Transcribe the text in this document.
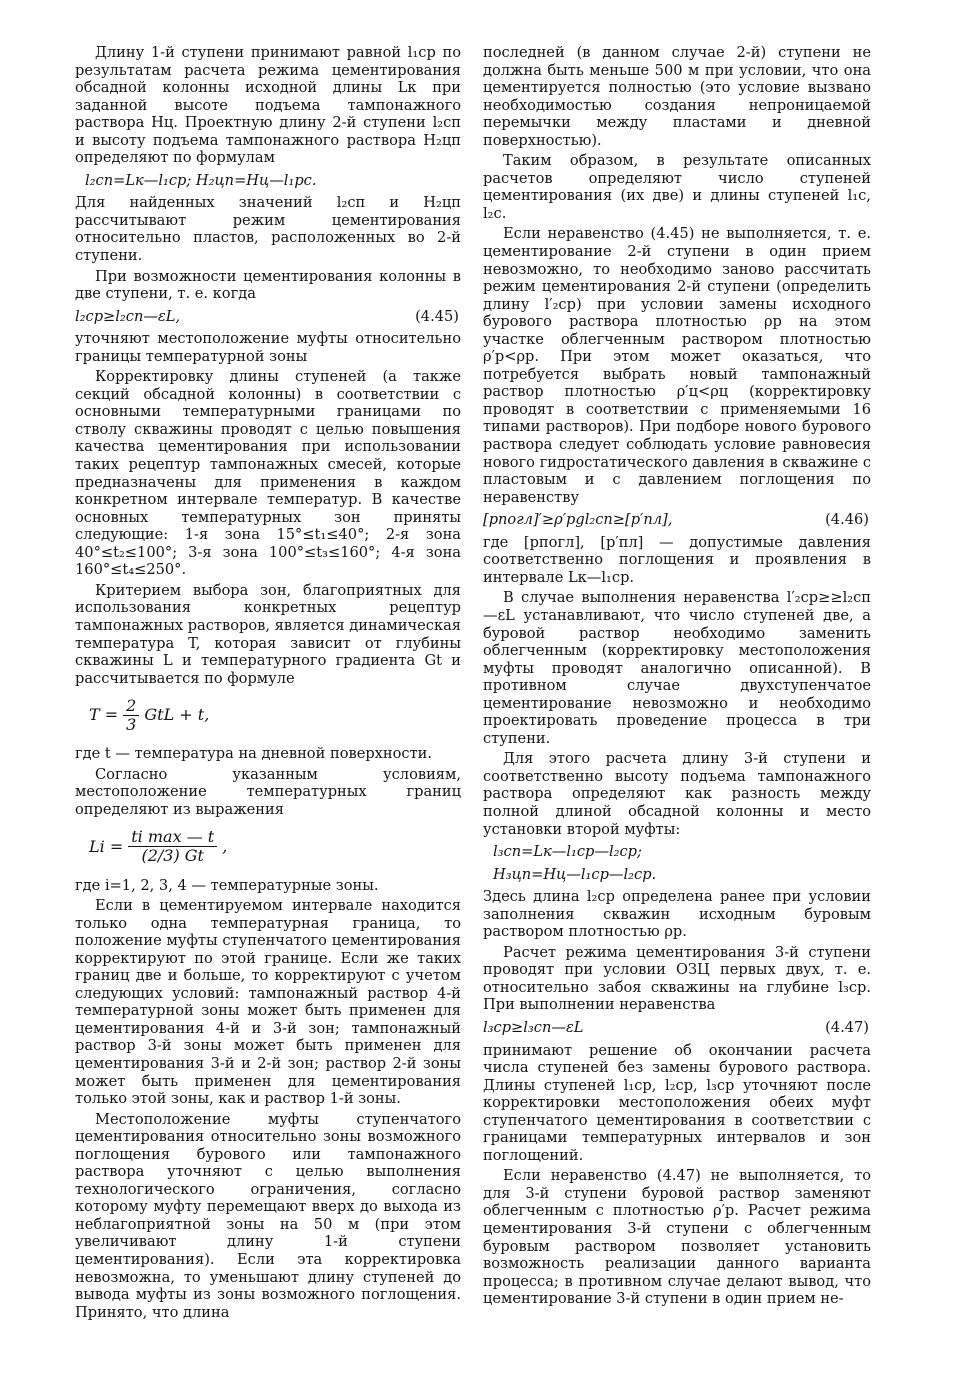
Длину 1-й ступени принимают равной l₁ср по результатам расчета режима цементирования обсадной колонны исходной длины Lк при заданной высоте подъема тампонажного раствора Hц. Проектную длину 2-й ступени l₂сп и высоту подъема тампонажного раствора H₂цп определяют по формулам

l₂сп=Lк—l₁ср; H₂цп=Hц—l₁рс.

Для найденных значений l₂сп и H₂цп рассчитывают режим цементирования относительно пластов, расположенных во 2-й ступени.

При возможности цементирования колонны в две ступени, т. е. когда

l₂ср≥l₂сп—εL,	(4.45)

уточняют местоположение муфты относительно границы температурной зоны

Корректировку длины ступеней (а также секций обсадной колонны) в соответствии с основными температурными границами по стволу скважины проводят с целью повышения качества цементирования при использовании таких рецептур тампонажных смесей, которые предназначены для применения в каждом конкретном интервале температур. В качестве основных температурных зон приняты следующие: 1-я зона 15°≤t₁≤40°; 2-я зона 40°≤t₂≤100°; 3-я зона 100°≤t₃≤160°; 4-я зона 160°≤t₄≤250°.

Критерием выбора зон, благоприятных для использования конкретных рецептур тампонажных растворов, является динамическая температура T, которая зависит от глубины скважины L и температурного градиента Gt и рассчитывается по формуле

$T = \frac{2}{3}$ GtL + t,

где t — температура на дневной поверхности.

Согласно указанным условиям, местоположение температурных границ определяют из выражения

$Li = \frac{\text{ti max — t}}{(2/3) Gt}$ ,

где i=1, 2, 3, 4 — температурные зоны.

Если в цементируемом интервале находится только одна температурная граница, то положение муфты ступенчатого цементирования корректируют по этой границе. Если же таких границ две и больше, то корректируют с учетом следующих условий: тампонажный раствор 4-й температурной зоны может быть применен для цементирования 4-й и 3-й зон; тампонажный раствор 3-й зоны может быть применен для цементирования 3-й и 2-й зон; раствор 2-й зоны может быть применен для цементирования только этой зоны, как и раствор 1-й зоны.

Местоположение муфты ступенчатого цементирования относительно зоны возможного поглощения бурового или тампонажного раствора уточняют с целью выполнения технологического ограничения, согласно которому муфту перемещают вверх до выхода из неблагоприятной зоны на 50 м (при этом увеличивают длину 1-й ступени цементирования). Если эта корректировка невозможна, то уменьшают длину ступеней до вывода муфты из зоны возможного поглощения. Принято, что длина

последней (в данном случае 2-й) ступени не должна быть меньше 500 м при условии, что она цементируется полностью (это условие вызвано необходимостью создания непроницаемой перемычки между пластами и дневной поверхностью).

Таким образом, в результате описанных расчетов определяют число ступеней цементирования (их две) и длины ступеней l₁с, l₂с.

Если неравенство (4.45) не выполняется, т. е. цементирование 2-й ступени в один прием невозможно, то необходимо заново рассчитать режим цементирования 2-й ступени (определить длину l′₂ср) при условии замены исходного бурового раствора плотностью ρр на этом участке облегченным раствором плотностью ρ′р<ρр. При этом может оказаться, что потребуется выбрать новый тампонажный раствор плотностью ρ′ц<ρц (корректировку проводят в соответствии с применяемыми 16 типами растворов). При подборе нового бурового раствора следует соблюдать условие равновесия нового гидростатического давления в скважине с пластовым и с давлением поглощения по неравенству

[pпогл]′≥ρ′рgl₂сп≥[p′пл],	(4.46)

где [pпогл], [p′пл] — допустимые давления соответственно поглощения и проявления в интервале Lк—l₁ср.

В случае выполнения неравенства l′₂ср≥≥l₂сп—εL устанавливают, что число ступеней две, а буровой раствор необходимо заменить облегченным (корректировку местоположения муфты проводят аналогично описанной). В противном случае двухступенчатое цементирование невозможно и необходимо проектировать проведение процесса в три ступени.

Для этого расчета длину 3-й ступени и соответственно высоту подъема тампонажного раствора определяют как разность между полной длиной обсадной колонны и место установки второй муфты:

l₃сп=Lк—l₁ср—l₂ср;
H₃цп=Hц—l₁ср—l₂ср.

Здесь длина l₂ср определена ранее при условии заполнения скважин исходным буровым раствором плотностью ρр.

Расчет режима цементирования 3-й ступени проводят при условии ОЗЦ первых двух, т. е. относительно забоя скважины на глубине l₃ср. При выполнении неравенства

l₃ср≥l₃сп—εL	(4.47)

принимают решение об окончании расчета числа ступеней без замены бурового раствора. Длины ступеней l₁ср, l₂ср, l₃ср уточняют после корректировки местоположения обеих муфт ступенчатого цементирования в соответствии с границами температурных интервалов и зон поглощений.

Если неравенство (4.47) не выполняется, то для 3-й ступени буровой раствор заменяют облегченным с плотностью ρ′р. Расчет режима цементирования 3-й ступени с облегченным буровым раствором позволяет установить возможность реализации данного варианта процесса; в противном случае делают вывод, что цементирование 3-й ступени в один прием не-
